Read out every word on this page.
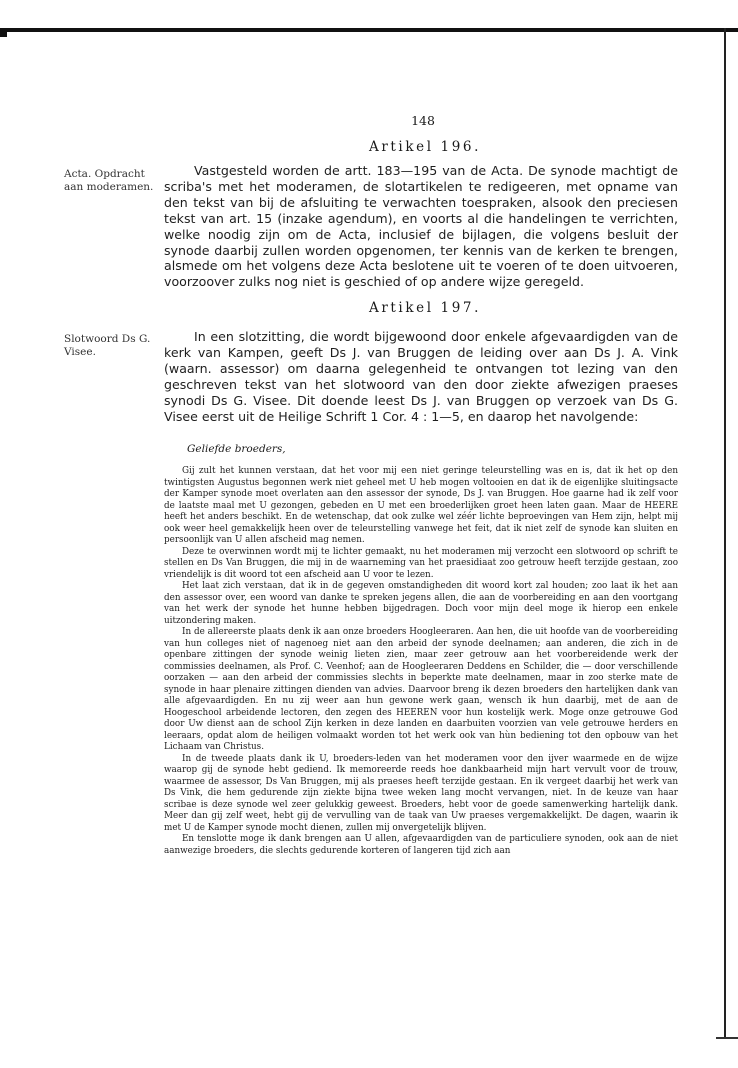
148
Artikel 196.
Acta. Opdracht aan moderamen.

Vastgesteld worden de artt. 183—195 van de Acta. De synode machtigt de scriba's met het moderamen, de slotartikelen te redigeeren, met opname van den tekst van bij de afsluiting te verwachten toespraken, alsook den preciesen tekst van art. 15 (inzake agendum), en voorts al die handelingen te verrichten, welke noodig zijn om de Acta, inclusief de bijlagen, die volgens besluit der synode daarbij zullen worden opgenomen, ter kennis van de kerken te brengen, alsmede om het volgens deze Acta beslotene uit te voeren of te doen uitvoeren, voorzoover zulks nog niet is geschied of op andere wijze geregeld.

Artikel 197.
Slotwoord Ds G. Visee.

In een slotzitting, die wordt bijgewoond door enkele afgevaardigden van de kerk van Kampen, geeft Ds J. van Bruggen de leiding over aan Ds J. A. Vink (waarn. assessor) om daarna gelegenheid te ontvangen tot lezing van den geschreven tekst van het slotwoord van den door ziekte afwezigen praeses synodi Ds G. Visee. Dit doende leest Ds J. van Bruggen op verzoek van Ds G. Visee eerst uit de Heilige Schrift 1 Cor. 4 : 1—5, en daarop het navolgende:

Geliefde broeders,

Gij zult het kunnen verstaan, dat het voor mij een niet geringe teleurstelling was en is, dat ik het op den twintigsten Augustus begonnen werk niet geheel met U heb mogen voltooien en dat ik de eigenlijke sluitingsacte der Kamper synode moet overlaten aan den assessor der synode, Ds J. van Bruggen. Hoe gaarne had ik zelf voor de laatste maal met U gezongen, gebeden en U met een broederlijken groet heen laten gaan. Maar de HEERE heeft het anders beschikt. En de wetenschap, dat ook zulke wel zéér lichte beproevingen van Hem zijn, helpt mij ook weer heel gemakkelijk heen over de teleurstelling vanwege het feit, dat ik niet zelf de synode kan sluiten en persoonlijk van U allen afscheid mag nemen.

Deze te overwinnen wordt mij te lichter gemaakt, nu het moderamen mij verzocht een slotwoord op schrift te stellen en Ds Van Bruggen, die mij in de waarneming van het praesidiaat zoo getrouw heeft terzijde gestaan, zoo vriendelijk is dit woord tot een afscheid aan U voor te lezen.

Het laat zich verstaan, dat ik in de gegeven omstandigheden dit woord kort zal houden; zoo laat ik het aan den assessor over, een woord van danke te spreken jegens allen, die aan de voorbereiding en aan den voortgang van het werk der synode het hunne hebben bijgedragen. Doch voor mijn deel moge ik hierop een enkele uitzondering maken.

In de allereerste plaats denk ik aan onze broeders Hoogleeraren. Aan hen, die uit hoofde van de voorbereiding van hun colleges niet of nagenoeg niet aan den arbeid der synode deelnamen; aan anderen, die zich in de openbare zittingen der synode weinig lieten zien, maar zeer getrouw aan het voorbereidende werk der commissies deelnamen, als Prof. C. Veenhof; aan de Hoogleeraren Deddens en Schilder, die — door verschillende oorzaken — aan den arbeid der commissies slechts in beperkte mate deelnamen, maar in zoo sterke mate de synode in haar plenaire zittingen dienden van advies. Daarvoor breng ik dezen broeders den hartelijken dank van alle afgevaardigden. En nu zij weer aan hun gewone werk gaan, wensch ik hun daarbij, met de aan de Hoogeschool arbeidende lectoren, den zegen des HEEREN voor hun kostelijk werk. Moge onze getrouwe God door Uw dienst aan de school Zijn kerken in deze landen en daarbuiten voorzien van vele getrouwe herders en leeraars, opdat alom de heiligen volmaakt worden tot het werk ook van hùn bediening tot den opbouw van het Lichaam van Christus.

In de tweede plaats dank ik U, broeders-leden van het moderamen voor den ijver waarmede en de wijze waarop gij de synode hebt gediend. Ik memoreerde reeds hoe dankbaarheid mijn hart vervult voor de trouw, waarmee de assessor, Ds Van Bruggen, mij als praeses heeft terzijde gestaan. En ik vergeet daarbij het werk van Ds Vink, die hem gedurende zijn ziekte bijna twee weken lang mocht vervangen, niet. In de keuze van haar scribae is deze synode wel zeer gelukkig geweest. Broeders, hebt voor de goede samenwerking hartelijk dank. Meer dan gij zelf weet, hebt gij de vervulling van de taak van Uw praeses vergemakkelijkt. De dagen, waarin ik met U de Kamper synode mocht dienen, zullen mij onvergetelijk blijven.

En tenslotte moge ik dank brengen aan U allen, afgevaardigden van de particuliere synoden, ook aan de niet aanwezige broeders, die slechts gedurende korteren of langeren tijd zich aan
